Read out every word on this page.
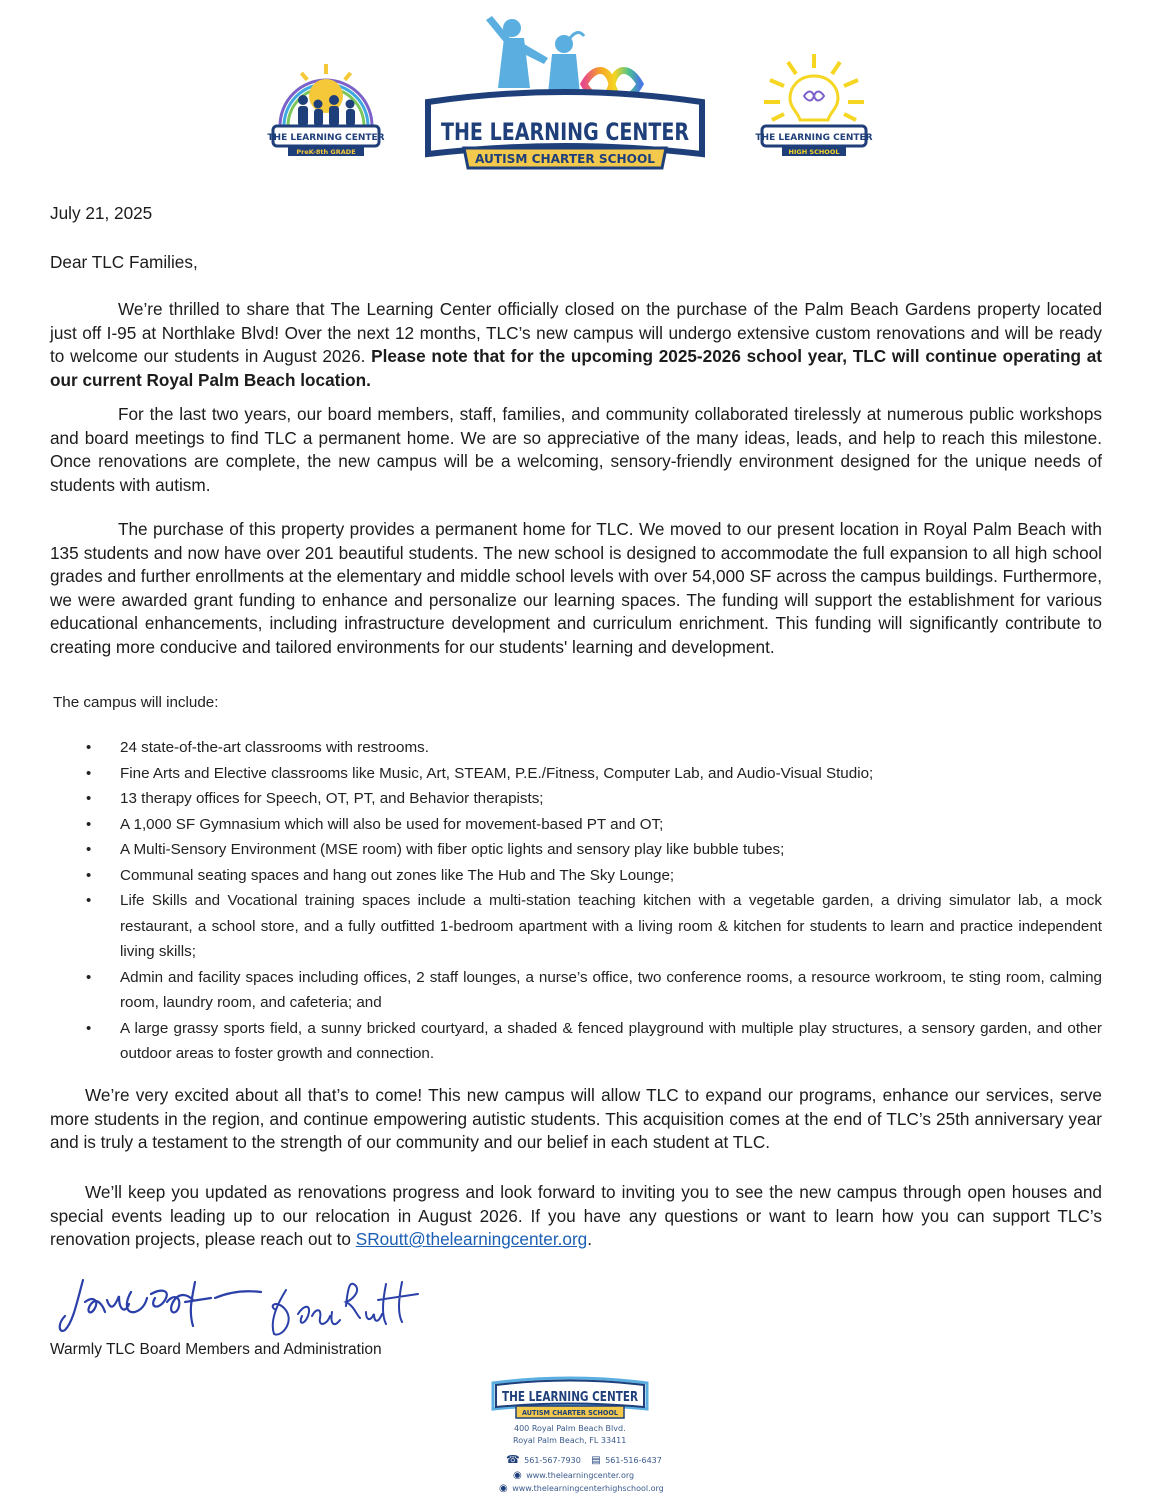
THE LEARNING CENTER
PreK-8th GRADE
THE LEARNING CENTER
AUTISM CHARTER SCHOOL
THE LEARNING CENTER
HIGH SCHOOL
July 21, 2025
Dear TLC Families,
We’re thrilled to share that The Learning Center officially closed on the purchase of the Palm Beach Gardens property located just off I-95 at Northlake Blvd! Over the next 12 months, TLC’s new campus will undergo extensive custom renovations and will be ready to welcome our students in August 2026. Please note that for the upcoming 2025-2026 school year, TLC will continue operating at our current Royal Palm Beach location.
For the last two years, our board members, staff, families, and community collaborated tirelessly at numerous public workshops and board meetings to find TLC a permanent home. We are so appreciative of the many ideas, leads, and help to reach this milestone. Once renovations are complete, the new campus will be a welcoming, sensory-friendly environment designed for the unique needs of students with autism.
The purchase of this property provides a permanent home for TLC. We moved to our present location in Royal Palm Beach with 135 students and now have over 201 beautiful students. The new school is designed to accommodate the full expansion to all high school grades and further enrollments at the elementary and middle school levels with over 54,000 SF across the campus buildings. Furthermore, we were awarded grant funding to enhance and personalize our learning spaces. The funding will support the establishment for various educational enhancements, including infrastructure development and curriculum enrichment. This funding will significantly contribute to creating more conducive and tailored environments for our students' learning and development.
The campus will include:
• 24 state-of-the-art classrooms with restrooms.
• Fine Arts and Elective classrooms like Music, Art, STEAM, P.E./Fitness, Computer Lab, and Audio-Visual Studio;
• 13 therapy offices for Speech, OT, PT, and Behavior therapists;
• A 1,000 SF Gymnasium which will also be used for movement-based PT and OT;
• A Multi-Sensory Environment (MSE room) with fiber optic lights and sensory play like bubble tubes;
• Communal seating spaces and hang out zones like The Hub and The Sky Lounge;
• Life Skills and Vocational training spaces include a multi-station teaching kitchen with a vegetable garden, a driving simulator lab, a mock restaurant, a school store, and a fully outfitted 1-bedroom apartment with a living room & kitchen for students to learn and practice independent living skills;
• Admin and facility spaces including offices, 2 staff lounges, a nurse’s office, two conference rooms, a resource workroom, te sting room, calming room, laundry room, and cafeteria; and
• A large grassy sports field, a sunny bricked courtyard, a shaded & fenced playground with multiple play structures, a sensory garden, and other outdoor areas to foster growth and connection.
We’re very excited about all that’s to come! This new campus will allow TLC to expand our programs, enhance our services, serve more students in the region, and continue empowering autistic students. This acquisition comes at the end of TLC’s 25th anniversary year and is truly a testament to the strength of our community and our belief in each student at TLC.
We’ll keep you updated as renovations progress and look forward to inviting you to see the new campus through open houses and special events leading up to our relocation in August 2026. If you have any questions or want to learn how you can support TLC’s renovation projects, please reach out to SRoutt@thelearningcenter.org.
Warmly TLC Board Members and Administration
THE LEARNING CENTER
AUTISM CHARTER SCHOOL
400 Royal Palm Beach Blvd.
Royal Palm Beach, FL 33411
☎ 561-567-7930 ▤ 561-516-6437
◉ www.thelearningcenter.org
◉ www.thelearningcenterhighschool.org
